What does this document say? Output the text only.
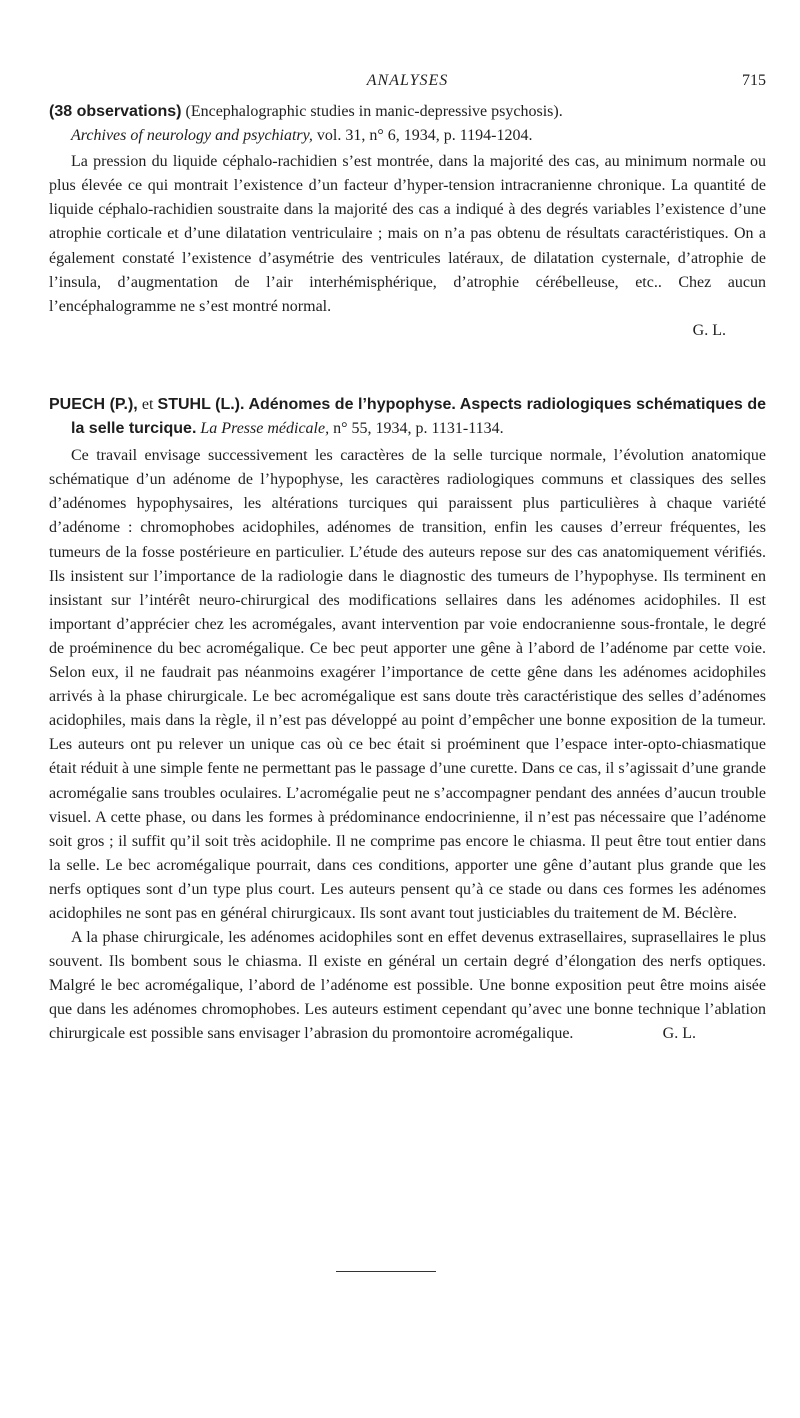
ANALYSES	715

(38 observations) (Encephalographic studies in manic-depressive psychosis).
Archives of neurology and psychiatry, vol. 31, n° 6, 1934, p. 1194-1204.

La pression du liquide céphalo-rachidien s’est montrée, dans la majorité des cas, au minimum normale ou plus élevée ce qui montrait l’existence d’un facteur d’hyper-tension intracranienne chronique. La quantité de liquide céphalo-rachidien soustraite dans la majorité des cas a indiqué à des degrés variables l’existence d’une atrophie corticale et d’une dilatation ventriculaire ; mais on n’a pas obtenu de résultats caractéristiques. On a également constaté l’existence d’asymétrie des ventricules latéraux, de dilatation cysternale, d’atrophie de l’insula, d’augmentation de l’air interhémisphérique, d’atrophie cérébelleuse, etc.. Chez aucun l’encéphalogramme ne s’est montré normal.

G. L.

PUECH (P.), et STUHL (L.). Adénomes de l’hypophyse. Aspects radiologiques schématiques de la selle turcique. La Presse médicale, n° 55, 1934, p. 1131-1134.

Ce travail envisage successivement les caractères de la selle turcique normale, l’évolution anatomique schématique d’un adénome de l’hypophyse, les caractères radiologiques communs et classiques des selles d’adénomes hypophysaires, les altérations turciques qui paraissent plus particulières à chaque variété d’adénome : chromophobes acidophiles, adénomes de transition, enfin les causes d’erreur fréquentes, les tumeurs de la fosse postérieure en particulier. L’étude des auteurs repose sur des cas anatomiquement vérifiés. Ils insistent sur l’importance de la radiologie dans le diagnostic des tumeurs de l’hypophyse. Ils terminent en insistant sur l’intérêt neuro-chirurgical des modifications sellaires dans les adénomes acidophiles. Il est important d’apprécier chez les acromégales, avant intervention par voie endocranienne sous-frontale, le degré de proéminence du bec acromégalique. Ce bec peut apporter une gêne à l’abord de l’adénome par cette voie. Selon eux, il ne faudrait pas néanmoins exagérer l’importance de cette gêne dans les adénomes acidophiles arrivés à la phase chirurgicale. Le bec acromégalique est sans doute très caractéristique des selles d’adénomes acidophiles, mais dans la règle, il n’est pas développé au point d’empêcher une bonne exposition de la tumeur. Les auteurs ont pu relever un unique cas où ce bec était si proéminent que l’espace inter-opto-chiasmatique était réduit à une simple fente ne permettant pas le passage d’une curette. Dans ce cas, il s’agissait d’une grande acromégalie sans troubles oculaires. L’acromégalie peut ne s’accompagner pendant des années d’aucun trouble visuel. A cette phase, ou dans les formes à prédominance endocrinienne, il n’est pas nécessaire que l’adénome soit gros ; il suffit qu’il soit très acidophile. Il ne comprime pas encore le chiasma. Il peut être tout entier dans la selle. Le bec acromégalique pourrait, dans ces conditions, apporter une gêne d’autant plus grande que les nerfs optiques sont d’un type plus court. Les auteurs pensent qu’à ce stade ou dans ces formes les adénomes acidophiles ne sont pas en général chirurgicaux. Ils sont avant tout justiciables du traitement de M. Béclère.

A la phase chirurgicale, les adénomes acidophiles sont en effet devenus extrasellaires, suprasellaires le plus souvent. Ils bombent sous le chiasma. Il existe en général un certain degré d’élongation des nerfs optiques. Malgré le bec acromégalique, l’abord de l’adénome est possible. Une bonne exposition peut être moins aisée que dans les adénomes chromophobes. Les auteurs estiment cependant qu’avec une bonne technique l’ablation chirurgicale est possible sans envisager l’abrasion du promontoire acromégalique.	G. L.
